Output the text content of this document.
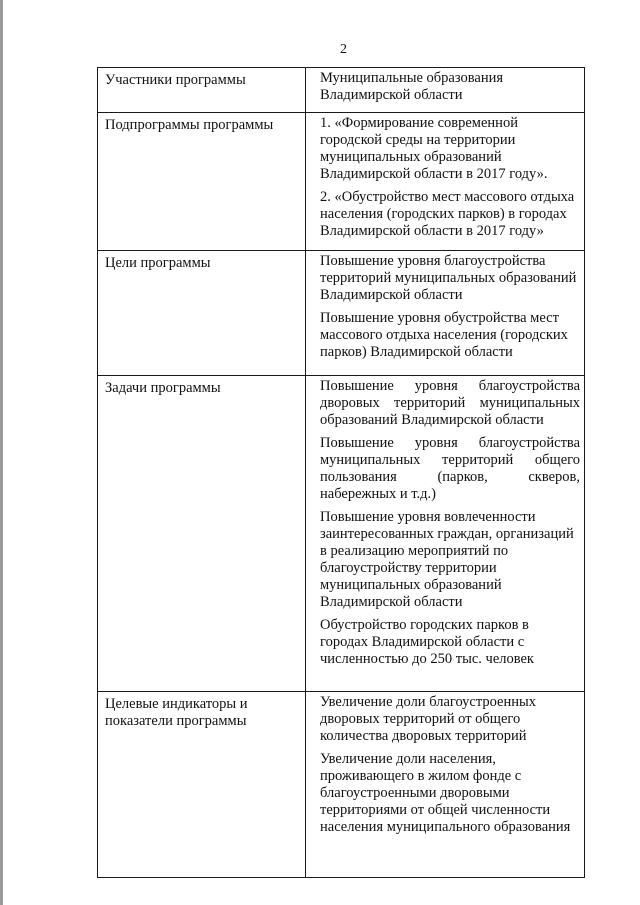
2
Участники программы	Муниципальные образования Владимирской области

Подпрограммы программы	1. «Формирование современной городской среды на территории муниципальных образований Владимирской области в 2017 году».

2. «Обустройство мест массового отдыха населения (городских парков) в городах Владимирской области в 2017 году»

Цели программы	Повышение уровня благоустройства территорий муниципальных образований Владимирской области

Повышение уровня обустройства мест массового отдыха населения (городских парков) Владимирской области

Задачи программы	Повышение уровня благоустройства дворовых территорий муниципальных образований Владимирской области

Повышение уровня благоустройства муниципальных территорий общего пользования (парков, скверов, набережных и т.д.)

Повышение уровня вовлеченности заинтересованных граждан, организаций в реализацию мероприятий по благоустройству территории муниципальных образований Владимирской области

Обустройство городских парков в городах Владимирской области с численностью до 250 тыс. человек

Целевые индикаторы и показатели программы	Увеличение доли благоустроенных дворовых территорий от общего количества дворовых территорий

Увеличение доли населения, проживающего в жилом фонде с благоустроенными дворовыми территориями от общей численности населения муниципального образования
